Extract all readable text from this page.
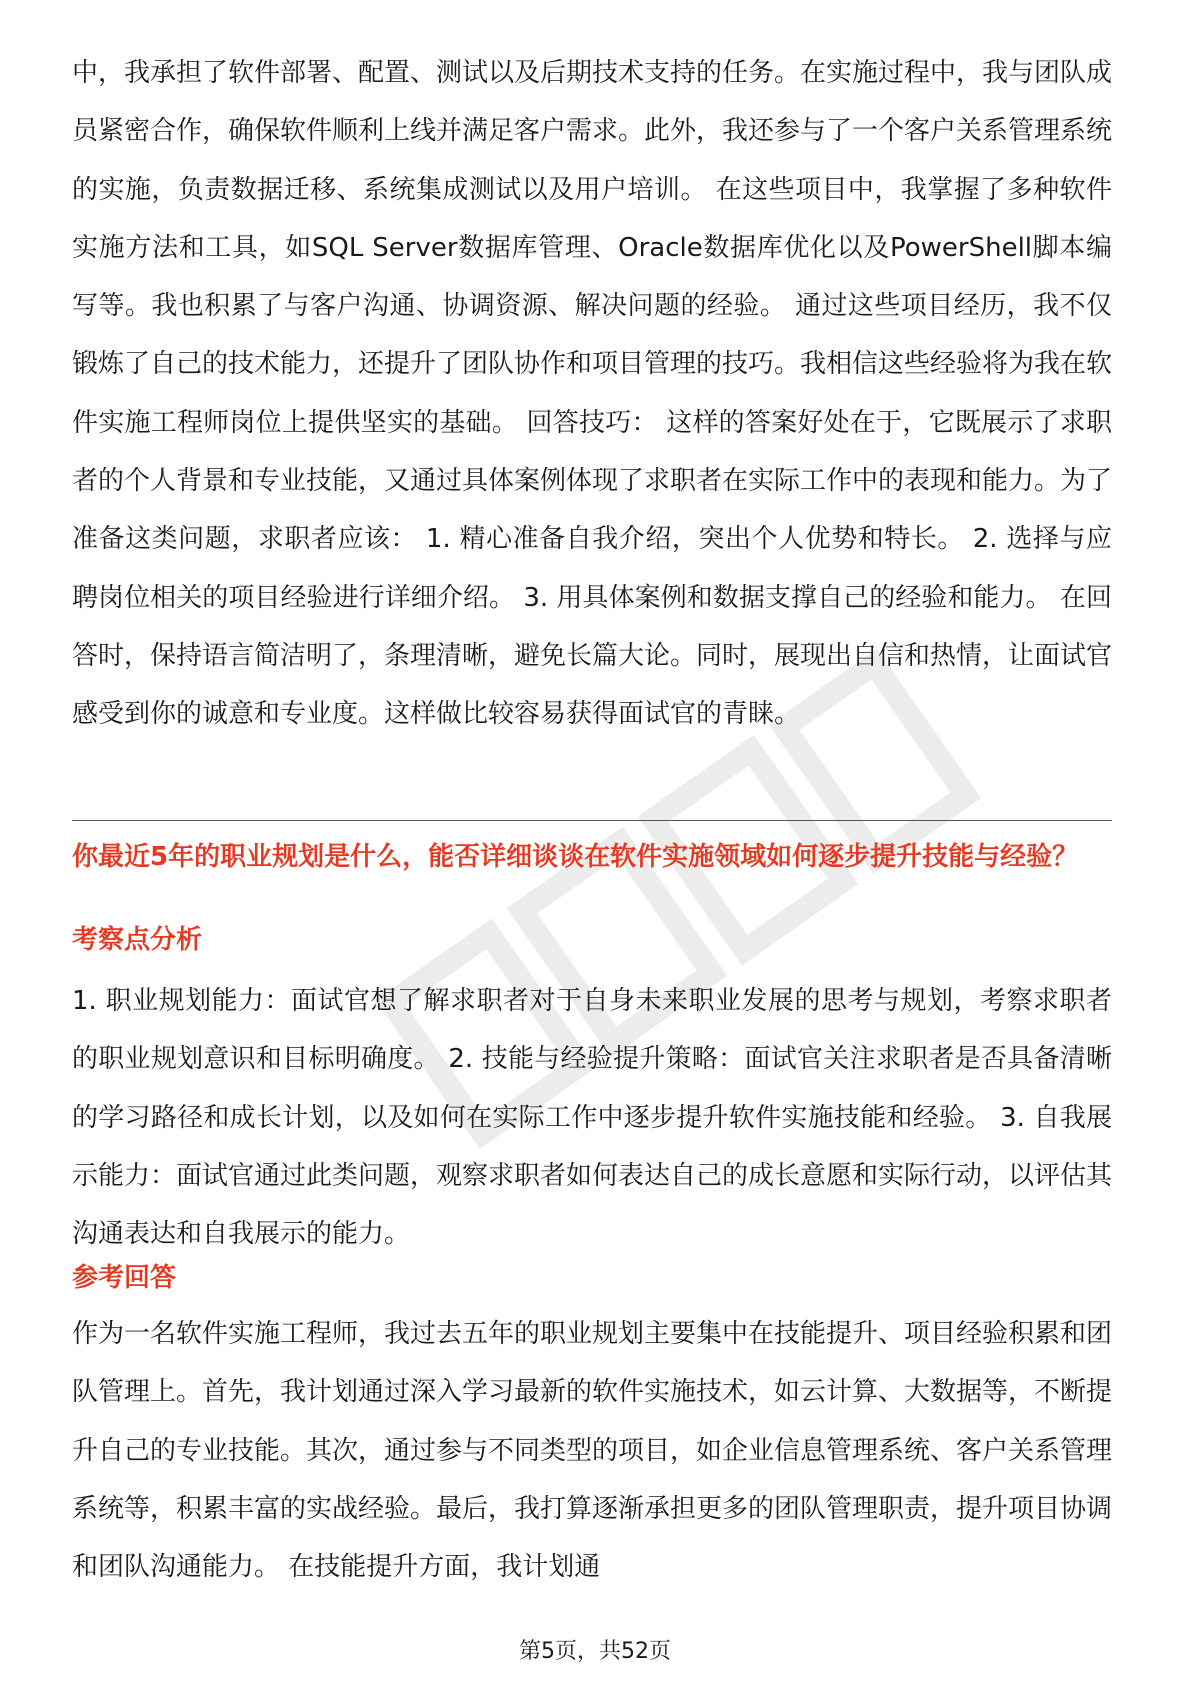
中，我承担了软件部署、配置、测试以及后期技术支持的任务。在实施过程中，我与团队成员紧密合作，确保软件顺利上线并满足客户需求。此外，我还参与了一个客户关系管理系统的实施，负责数据迁移、系统集成测试以及用户培训。 在这些项目中，我掌握了多种软件实施方法和工具，如SQL Server数据库管理、Oracle数据库优化以及PowerShell脚本编写等。我也积累了与客户沟通、协调资源、解决问题的经验。 通过这些项目经历，我不仅锻炼了自己的技术能力，还提升了团队协作和项目管理的技巧。我相信这些经验将为我在软件实施工程师岗位上提供坚实的基础。 回答技巧： 这样的答案好处在于，它既展示了求职者的个人背景和专业技能，又通过具体案例体现了求职者在实际工作中的表现和能力。为了准备这类问题，求职者应该： 1. 精心准备自我介绍，突出个人优势和特长。 2. 选择与应聘岗位相关的项目经验进行详细介绍。 3. 用具体案例和数据支撑自己的经验和能力。 在回答时，保持语言简洁明了，条理清晰，避免长篇大论。同时，展现出自信和热情，让面试官感受到你的诚意和专业度。这样做比较容易获得面试官的青睐。

你最近5年的职业规划是什么，能否详细谈谈在软件实施领域如何逐步提升技能与经验？

考察点分析

1. 职业规划能力：面试官想了解求职者对于自身未来职业发展的思考与规划，考察求职者的职业规划意识和目标明确度。 2. 技能与经验提升策略：面试官关注求职者是否具备清晰的学习路径和成长计划，以及如何在实际工作中逐步提升软件实施技能和经验。 3. 自我展示能力：面试官通过此类问题，观察求职者如何表达自己的成长意愿和实际行动，以评估其沟通表达和自我展示的能力。

参考回答

作为一名软件实施工程师，我过去五年的职业规划主要集中在技能提升、项目经验积累和团队管理上。首先，我计划通过深入学习最新的软件实施技术，如云计算、大数据等，不断提升自己的专业技能。其次，通过参与不同类型的项目，如企业信息管理系统、客户关系管理系统等，积累丰富的实战经验。最后，我打算逐渐承担更多的团队管理职责，提升项目协调和团队沟通能力。 在技能提升方面，我计划通

第5页，共52页
